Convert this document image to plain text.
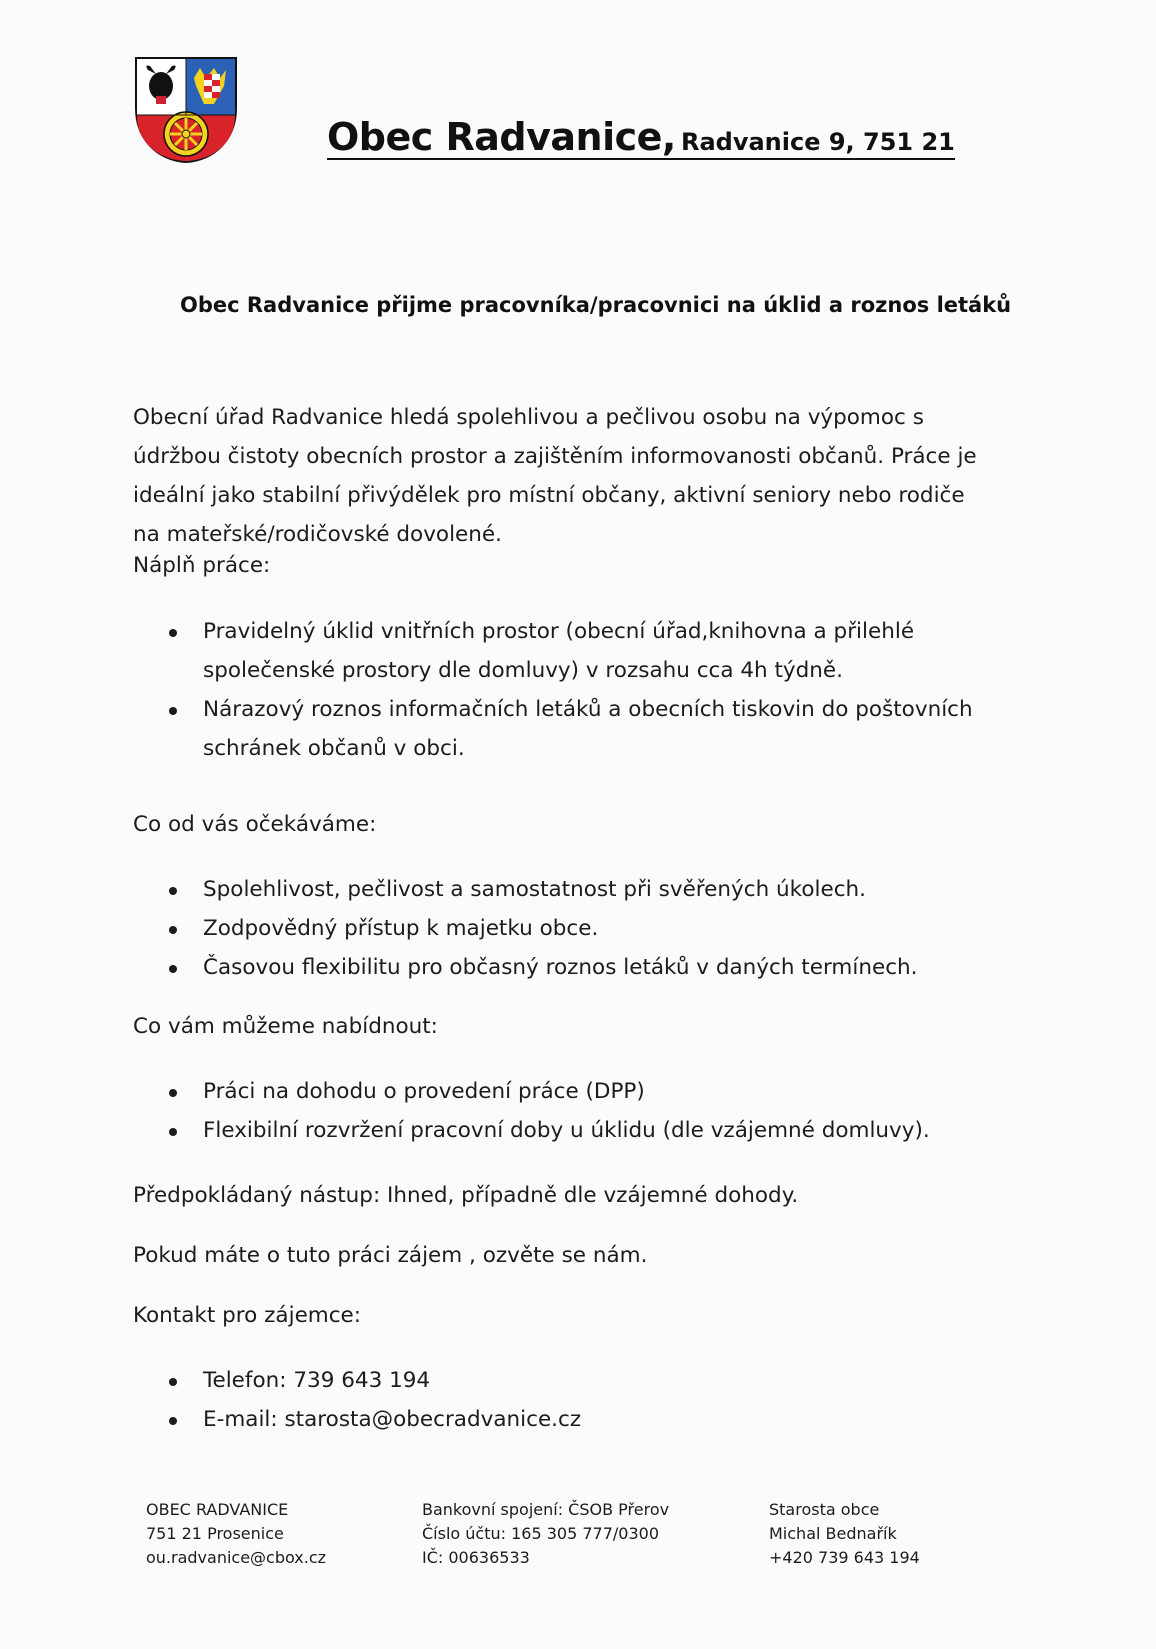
Obec Radvanice, Radvanice 9, 751 21
Obec Radvanice přijme pracovníka/pracovnici na úklid a roznos letáků
Obecní úřad Radvanice hledá spolehlivou a pečlivou osobu na výpomoc s
údržbou čistoty obecních prostor a zajištěním informovanosti občanů. Práce je
ideální jako stabilní přivýdělek pro místní občany, aktivní seniory nebo rodiče
na mateřské/rodičovské dovolené.
Náplň práce:
Pravidelný úklid vnitřních prostor (obecní úřad,knihovna a přilehlé
společenské prostory dle domluvy) v rozsahu cca 4h týdně.
Nárazový roznos informačních letáků a obecních tiskovin do poštovních
schránek občanů v obci.
Co od vás očekáváme:
Spolehlivost, pečlivost a samostatnost při svěřených úkolech.
Zodpovědný přístup k majetku obce.
Časovou flexibilitu pro občasný roznos letáků v daných termínech.
Co vám můžeme nabídnout:
Práci na dohodu o provedení práce (DPP)
Flexibilní rozvržení pracovní doby u úklidu (dle vzájemné domluvy).
Předpokládaný nástup: Ihned, případně dle vzájemné dohody.
Pokud máte o tuto práci zájem , ozvěte se nám.
Kontakt pro zájemce:
Telefon: 739 643 194
E-mail: starosta@obecradvanice.cz
OBEC RADVANICE
751 21 Prosenice
ou.radvanice@cbox.cz
Bankovní spojení: ČSOB Přerov
Číslo účtu: 165 305 777/0300
IČ: 00636533
Starosta obce
Michal Bednařík
+420 739 643 194
